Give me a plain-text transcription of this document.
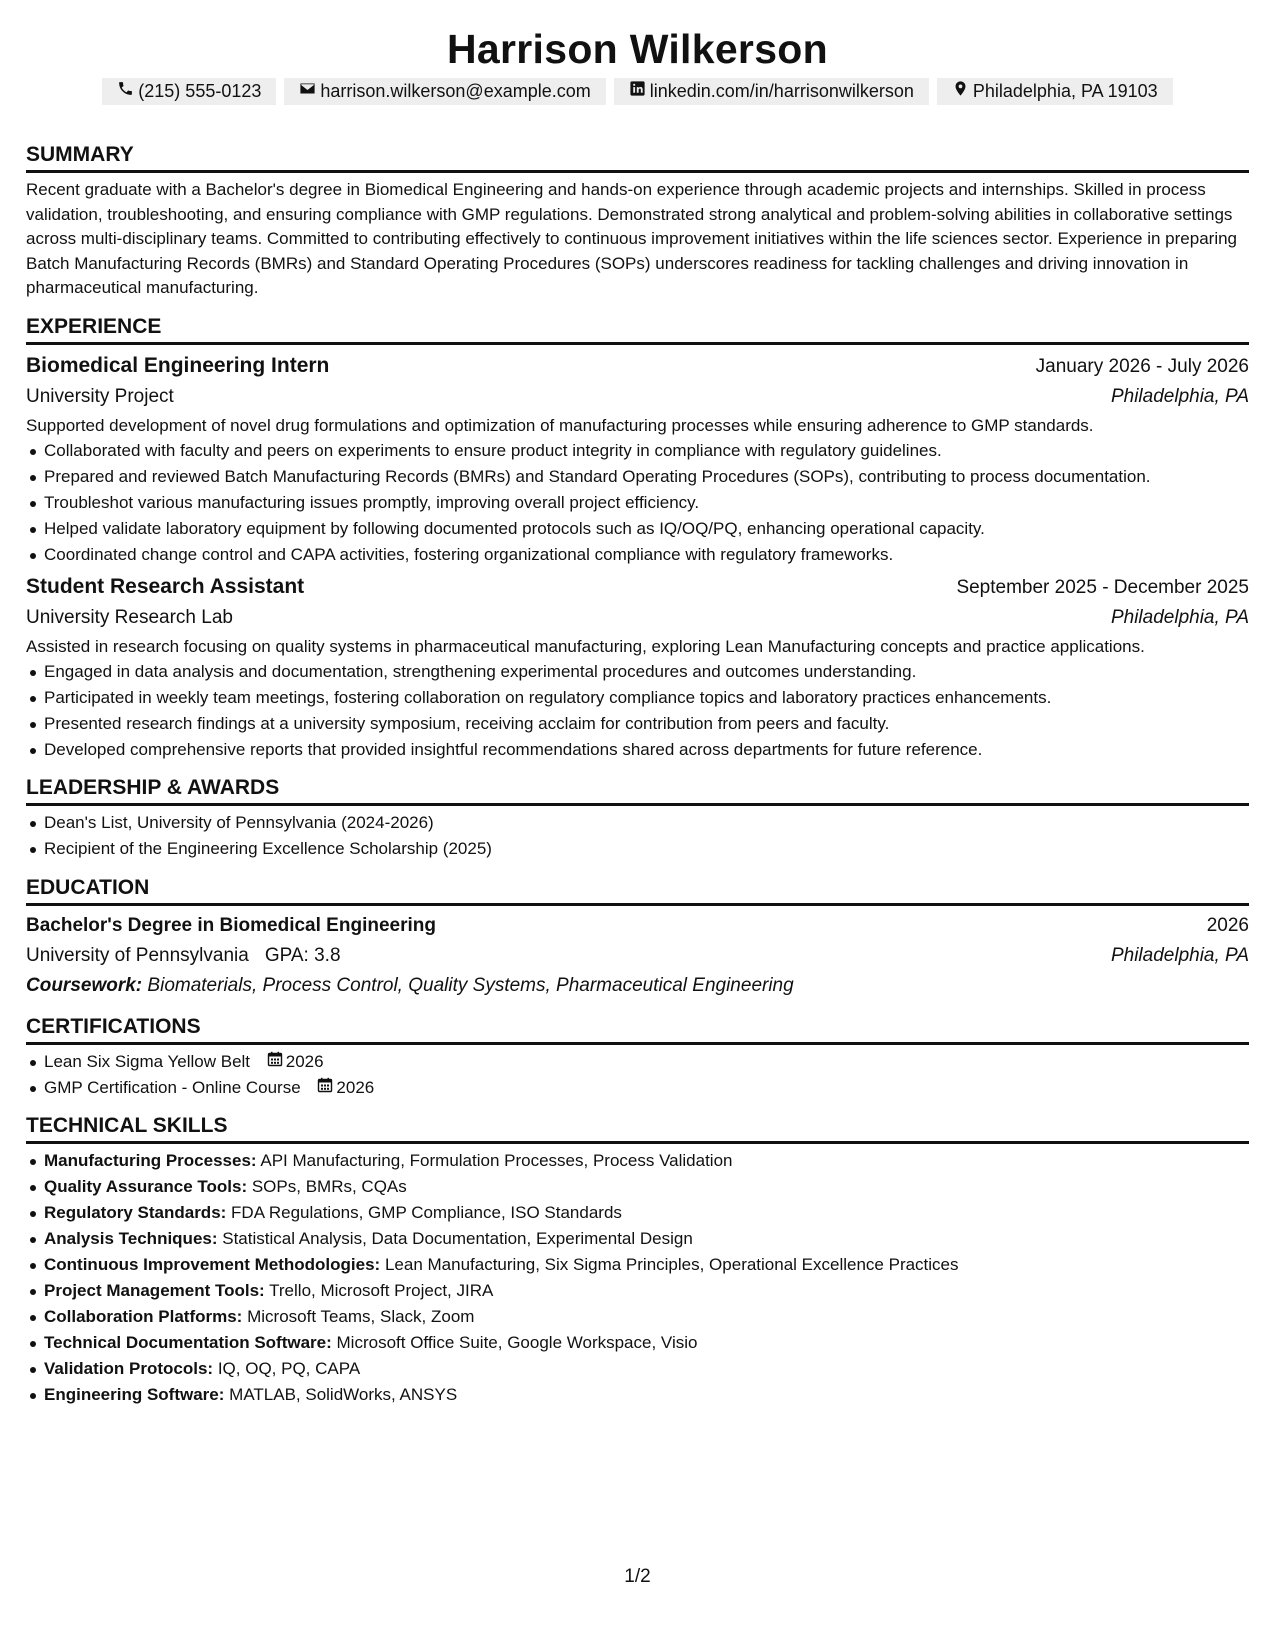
Harrison Wilkerson
(215) 555-0123	harrison.wilkerson@example.com	linkedin.com/in/harrisonwilkerson	Philadelphia, PA 19103
SUMMARY
Recent graduate with a Bachelor's degree in Biomedical Engineering and hands-on experience through academic projects and internships. Skilled in process validation, troubleshooting, and ensuring compliance with GMP regulations. Demonstrated strong analytical and problem-solving abilities in collaborative settings across multi-disciplinary teams. Committed to contributing effectively to continuous improvement initiatives within the life sciences sector. Experience in preparing Batch Manufacturing Records (BMRs) and Standard Operating Procedures (SOPs) underscores readiness for tackling challenges and driving innovation in pharmaceutical manufacturing.
EXPERIENCE
Biomedical Engineering Intern	January 2026 - July 2026
University Project	Philadelphia, PA
Supported development of novel drug formulations and optimization of manufacturing processes while ensuring adherence to GMP standards.
Collaborated with faculty and peers on experiments to ensure product integrity in compliance with regulatory guidelines.
Prepared and reviewed Batch Manufacturing Records (BMRs) and Standard Operating Procedures (SOPs), contributing to process documentation.
Troubleshot various manufacturing issues promptly, improving overall project efficiency.
Helped validate laboratory equipment by following documented protocols such as IQ/OQ/PQ, enhancing operational capacity.
Coordinated change control and CAPA activities, fostering organizational compliance with regulatory frameworks.
Student Research Assistant	September 2025 - December 2025
University Research Lab	Philadelphia, PA
Assisted in research focusing on quality systems in pharmaceutical manufacturing, exploring Lean Manufacturing concepts and practice applications.
Engaged in data analysis and documentation, strengthening experimental procedures and outcomes understanding.
Participated in weekly team meetings, fostering collaboration on regulatory compliance topics and laboratory practices enhancements.
Presented research findings at a university symposium, receiving acclaim for contribution from peers and faculty.
Developed comprehensive reports that provided insightful recommendations shared across departments for future reference.
LEADERSHIP & AWARDS
Dean's List, University of Pennsylvania (2024-2026)
Recipient of the Engineering Excellence Scholarship (2025)
EDUCATION
Bachelor's Degree in Biomedical Engineering	2026
University of Pennsylvania GPA: 3.8	Philadelphia, PA
Coursework: Biomaterials, Process Control, Quality Systems, Pharmaceutical Engineering
CERTIFICATIONS
Lean Six Sigma Yellow Belt 2026
GMP Certification - Online Course 2026
TECHNICAL SKILLS
Manufacturing Processes: API Manufacturing, Formulation Processes, Process Validation
Quality Assurance Tools: SOPs, BMRs, CQAs
Regulatory Standards: FDA Regulations, GMP Compliance, ISO Standards
Analysis Techniques: Statistical Analysis, Data Documentation, Experimental Design
Continuous Improvement Methodologies: Lean Manufacturing, Six Sigma Principles, Operational Excellence Practices
Project Management Tools: Trello, Microsoft Project, JIRA
Collaboration Platforms: Microsoft Teams, Slack, Zoom
Technical Documentation Software: Microsoft Office Suite, Google Workspace, Visio
Validation Protocols: IQ, OQ, PQ, CAPA
Engineering Software: MATLAB, SolidWorks, ANSYS
1/2
